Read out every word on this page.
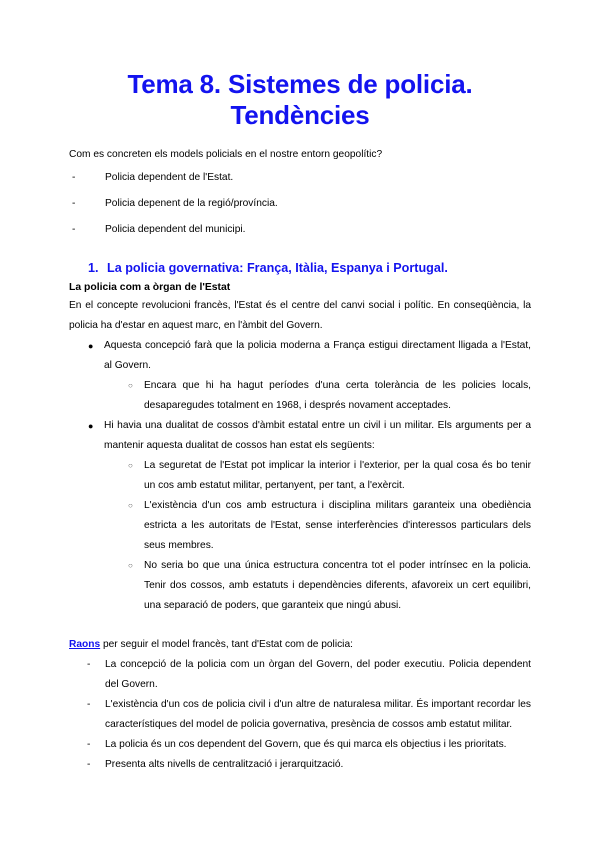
Tema 8. Sistemes de policia.
Tendències

Com es concreten els models policials en el nostre entorn geopolític?

-	Policia dependent de l'Estat.
-	Policia depenent de la regió/província.
-	Policia dependent del municipi.
1. La policia governativa: França, Itàlia, Espanya i Portugal.
La policia com a òrgan de l'Estat

En el concepte revolucioni francès, l'Estat és el centre del canvi social i polític. En conseqüència, la policia ha d'estar en aquest marc, en l'àmbit del Govern.

● Aquesta concepció farà que la policia moderna a França estigui directament lligada a l'Estat, al Govern.
○ Encara que hi ha hagut períodes d'una certa tolerància de les policies locals, desaparegudes totalment en 1968, i després novament acceptades.
● Hi havia una dualitat de cossos d'àmbit estatal entre un civil i un militar. Els arguments per a mantenir aquesta dualitat de cossos han estat els següents:
○ La seguretat de l'Estat pot implicar la interior i l'exterior, per la qual cosa és bo tenir un cos amb estatut militar, pertanyent, per tant, a l'exèrcit.
○ L'existència d'un cos amb estructura i disciplina militars garanteix una obediència estricta a les autoritats de l'Estat, sense interferències d'interessos particulars dels seus membres.
○ No seria bo que una única estructura concentra tot el poder intrínsec en la policia. Tenir dos cossos, amb estatuts i dependències diferents, afavoreix un cert equilibri, una separació de poders, que garanteix que ningú abusi.

Raons per seguir el model francès, tant d'Estat com de policia:

- La concepció de la policia com un òrgan del Govern, del poder executiu. Policia dependent del Govern.
- L'existència d'un cos de policia civil i d'un altre de naturalesa militar. És important recordar les característiques del model de policia governativa, presència de cossos amb estatut militar.
- La policia és un cos dependent del Govern, que és qui marca els objectius i les prioritats.
- Presenta alts nivells de centralització i jerarquització.
